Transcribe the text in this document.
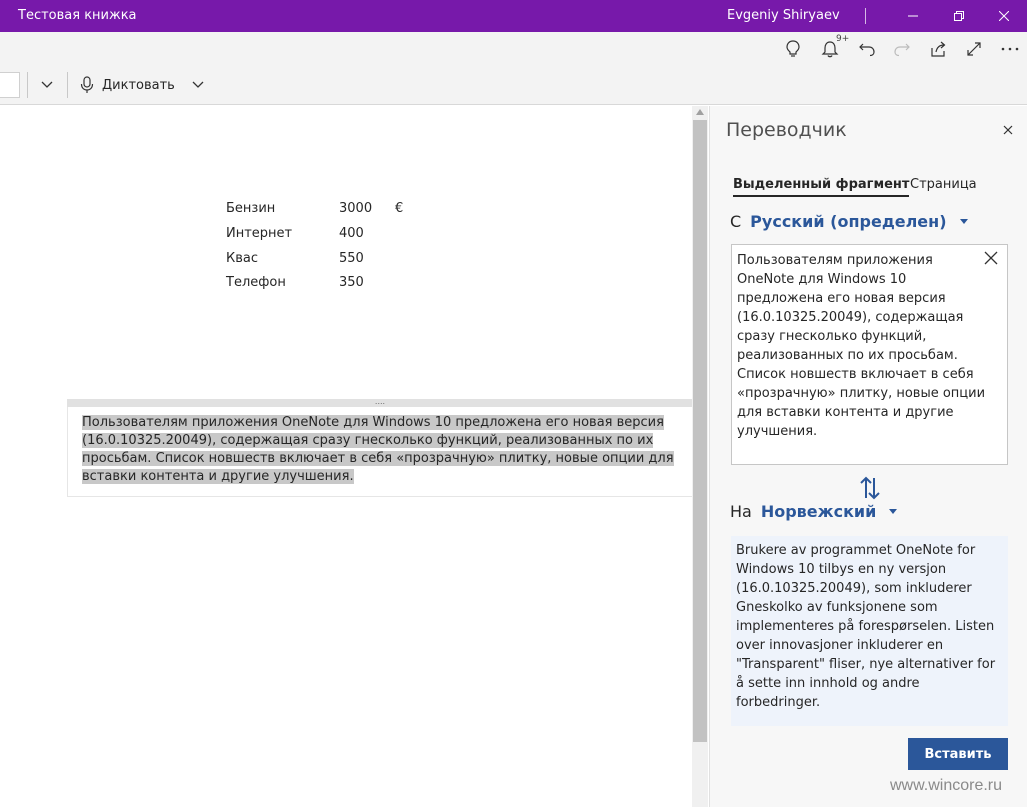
Тестовая книжка	Evgeniy Shiryaev
9+
Диктовать
Бензин	3000 €
Интернет	400
Квас	550
Телефон	350
....
Пользователям приложения OneNote для Windows 10 предложена его новая версия (16.0.10325.20049), содержащая сразу гнесколько функций, реализованных по их просьбам. Список новшеств включает в себя «прозрачную» плитку, новые опции для вставки контента и другие улучшения.
Переводчик
Выделенный фрагмент Страница
С Русский (определен)
Пользователям приложения OneNote для Windows 10 предложена его новая версия (16.0.10325.20049), содержащая сразу гнесколько функций, реализованных по их просьбам. Список новшеств включает в себя «прозрачную» плитку, новые опции для вставки контента и другие улучшения.
На Норвежский
Brukere av programmet OneNote for Windows 10 tilbys en ny versjon (16.0.10325.20049), som inkluderer Gneskolko av funksjonene som implementeres på forespørselen. Listen over innovasjoner inkluderer en "Transparent" fliser, nye alternativer for å sette inn innhold og andre forbedringer.
Вставить
www.wincore.ru
